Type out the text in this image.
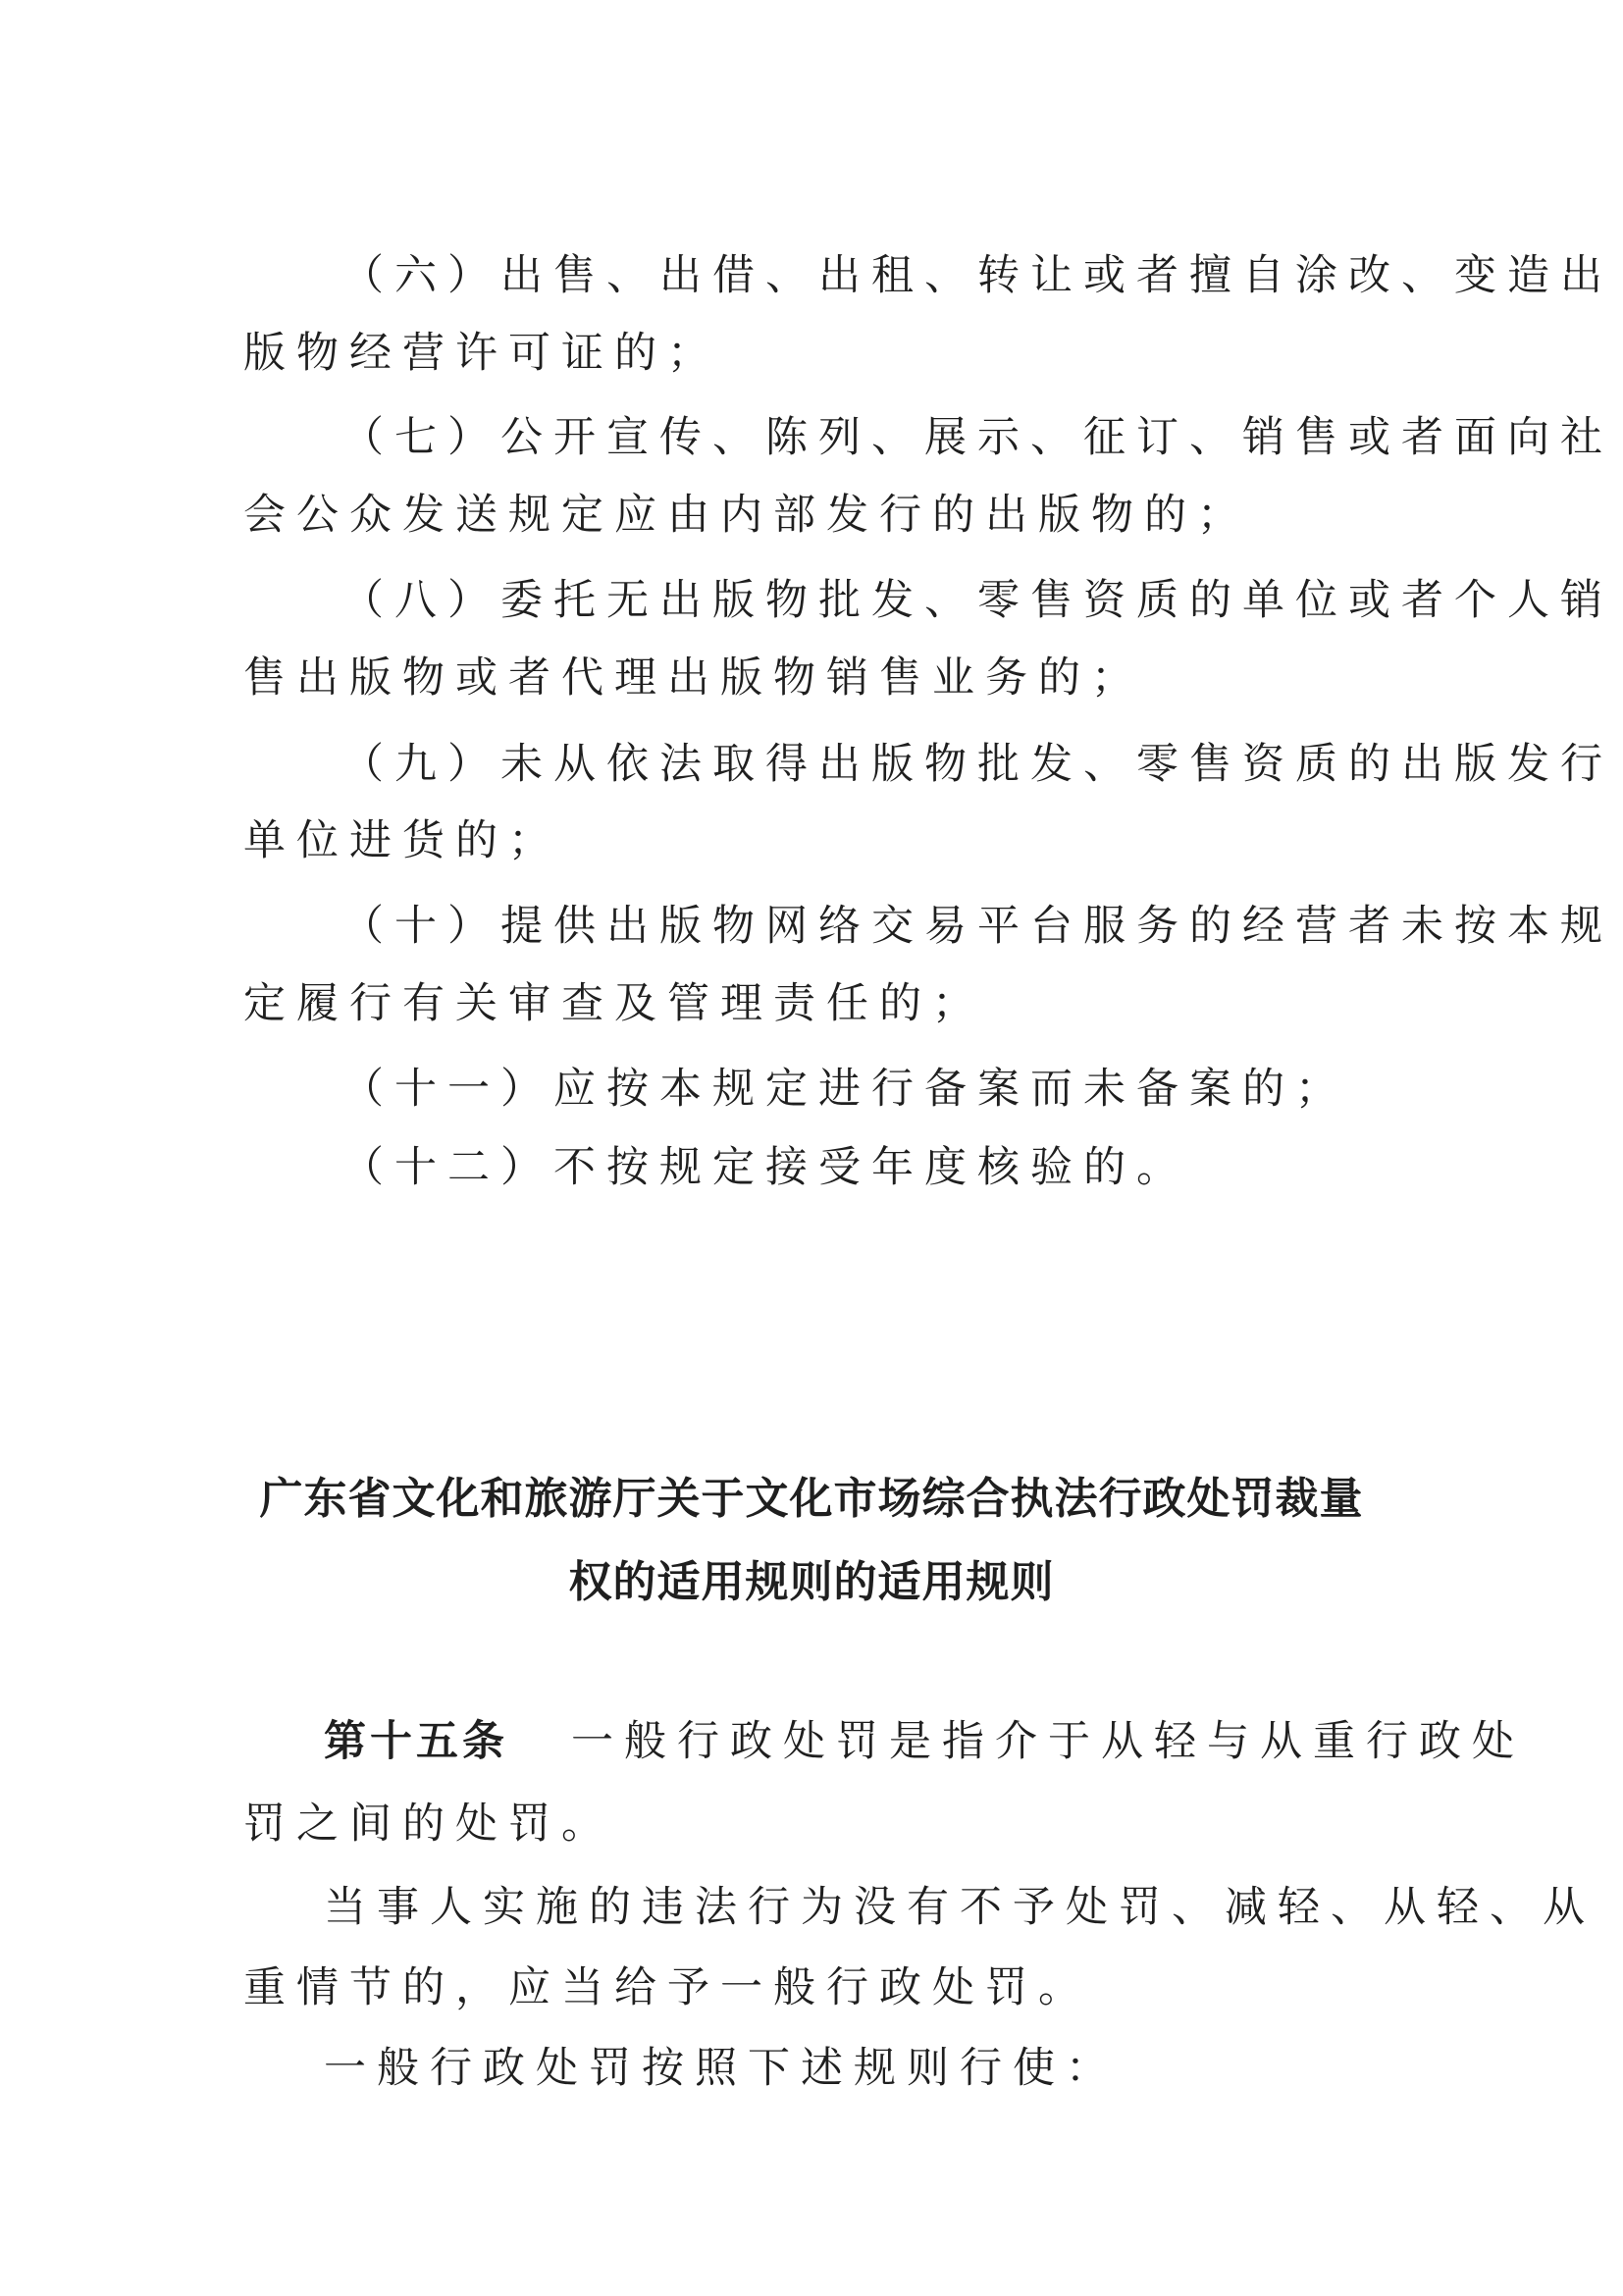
（六）出售、出借、出租、转让或者擅自涂改、变造出
版物经营许可证的；
（七）公开宣传、陈列、展示、征订、销售或者面向社
会公众发送规定应由内部发行的出版物的；
（八）委托无出版物批发、零售资质的单位或者个人销
售出版物或者代理出版物销售业务的；
（九）未从依法取得出版物批发、零售资质的出版发行
单位进货的；
（十）提供出版物网络交易平台服务的经营者未按本规
定履行有关审查及管理责任的；
（十一）应按本规定进行备案而未备案的；
（十二）不按规定接受年度核验的。
广东省文化和旅游厅关于文化市场综合执法行政处罚裁量
权的适用规则的适用规则
第十五条 一般行政处罚是指介于从轻与从重行政处
罚之间的处罚。
当事人实施的违法行为没有不予处罚、减轻、从轻、从
重情节的，应当给予一般行政处罚。
一般行政处罚按照下述规则行使：
